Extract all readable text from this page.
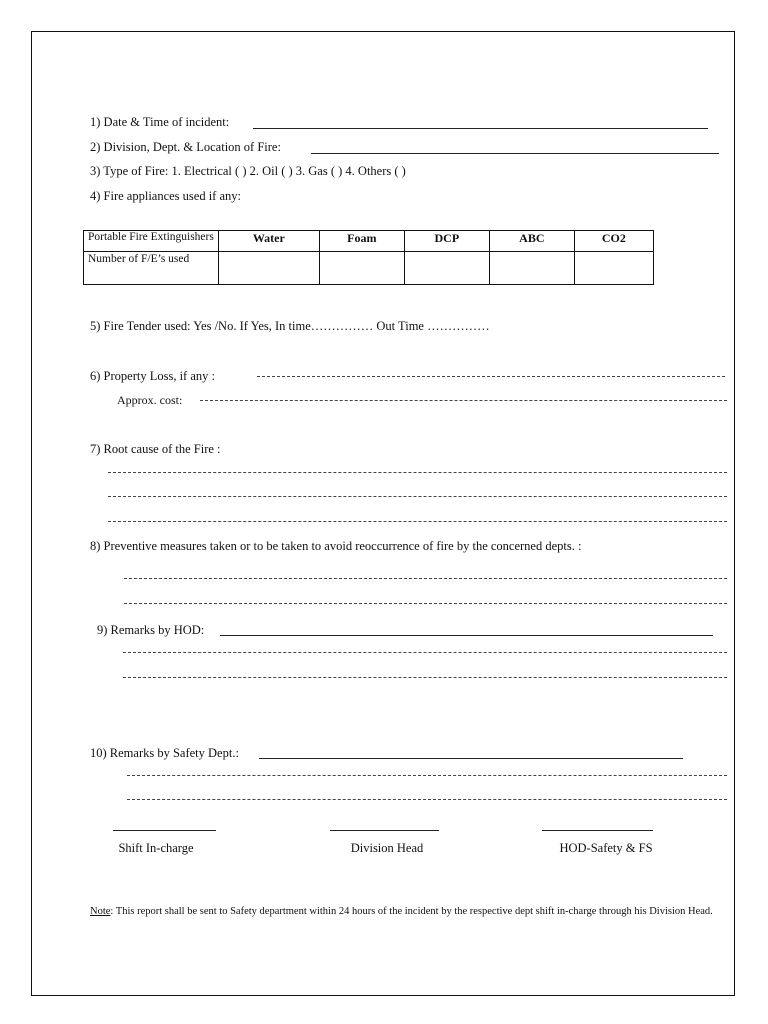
1) Date & Time of incident:
2) Division, Dept. & Location of Fire:
3) Type of Fire: 1. Electrical ( ) 2. Oil ( ) 3. Gas ( ) 4. Others ( )
4) Fire appliances used if any:
Portable Fire Extinguishers	Water	Foam	DCP	ABC	CO2
Number of F/E’s used					
5) Fire Tender used: Yes /No. If Yes, In time…………… Out Time ……………
6) Property Loss, if any :
Approx. cost:
7) Root cause of the Fire :
8) Preventive measures taken or to be taken to avoid reoccurrence of fire by the concerned depts. :
9) Remarks by HOD:
10) Remarks by Safety Dept.:
Shift In-charge	Division Head	HOD-Safety & FS
Note: This report shall be sent to Safety department within 24 hours of the incident by the respective dept shift in-charge through his Division Head.
